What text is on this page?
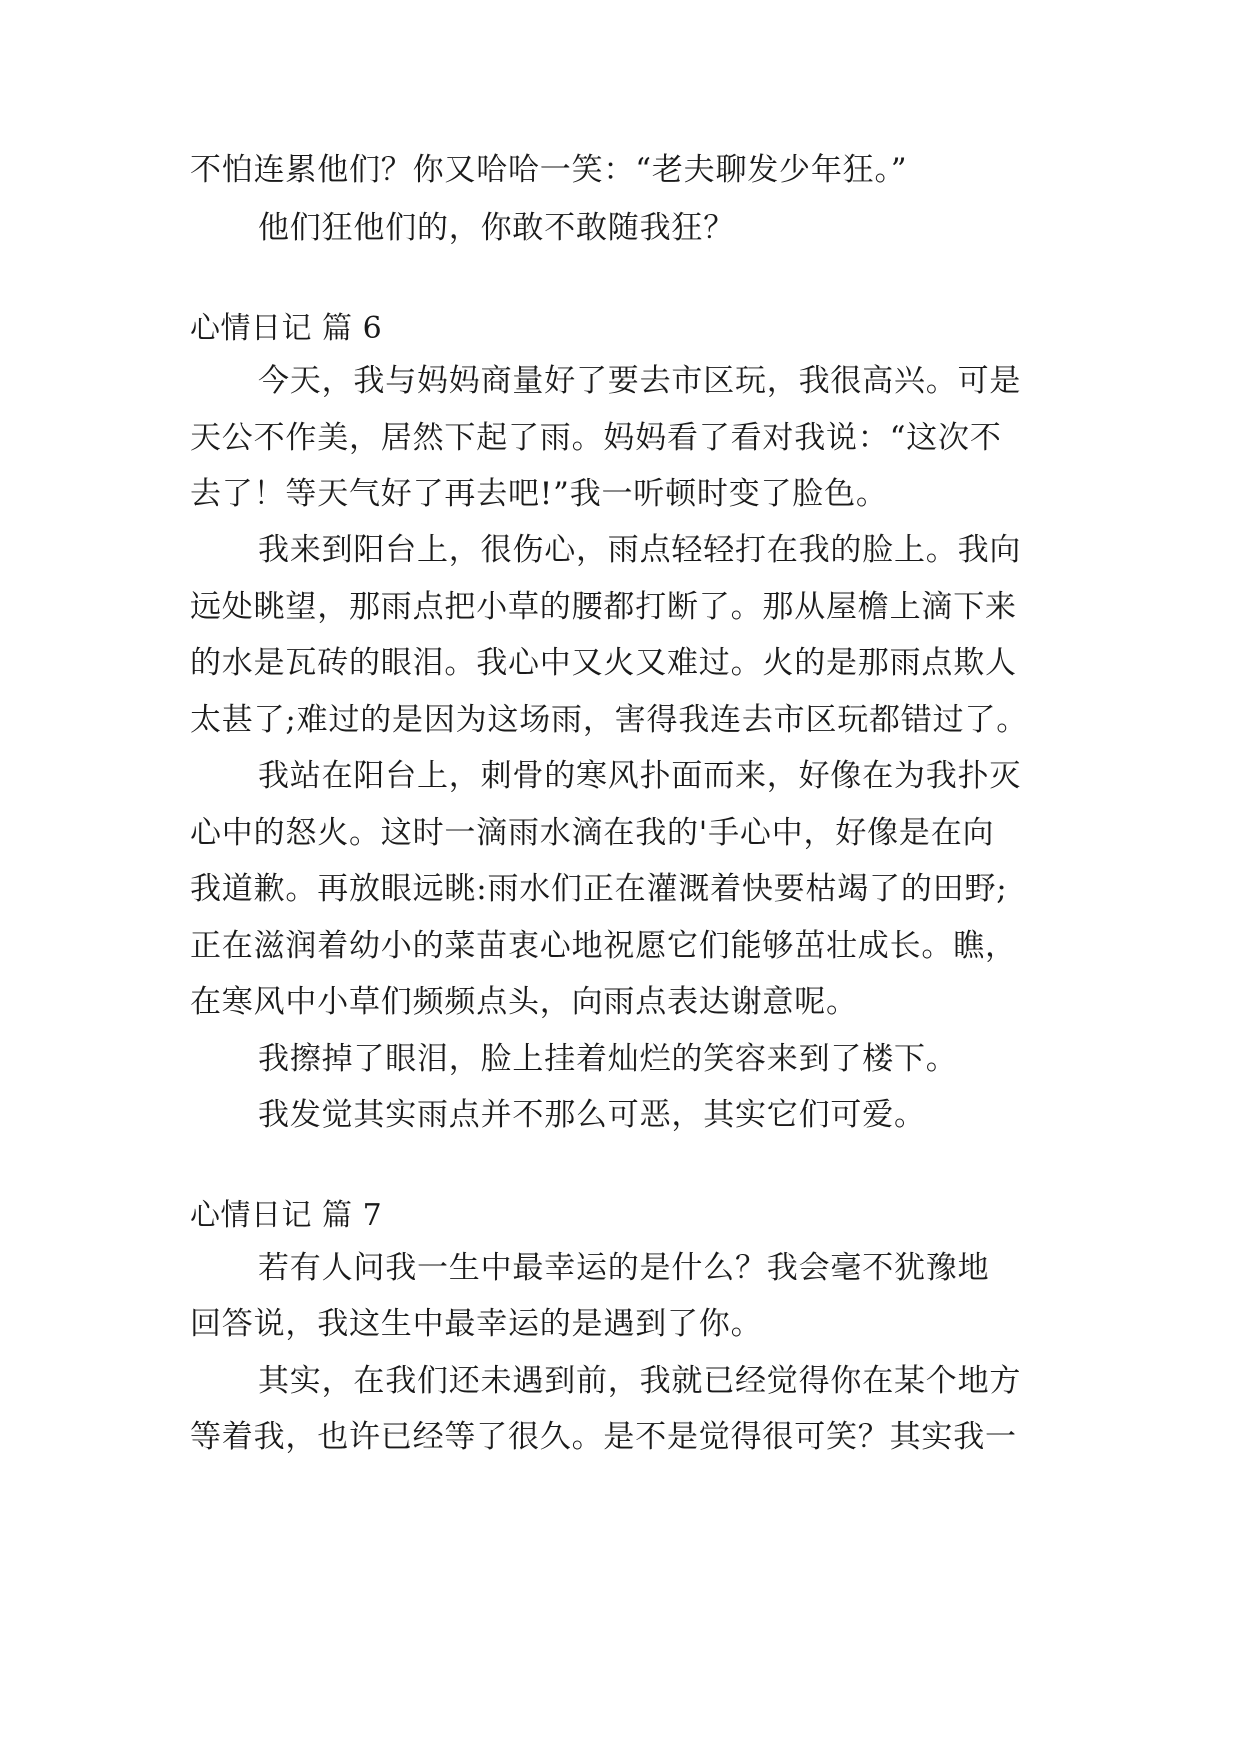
不怕连累他们？你又哈哈一笑：“老夫聊发少年狂。”
他们狂他们的，你敢不敢随我狂？
心情日记 篇 6
今天，我与妈妈商量好了要去市区玩，我很高兴。可是
天公不作美，居然下起了雨。妈妈看了看对我说：“这次不
去了！等天气好了再去吧!”我一听顿时变了脸色。
我来到阳台上，很伤心，雨点轻轻打在我的脸上。我向
远处眺望，那雨点把小草的腰都打断了。那从屋檐上滴下来
的水是瓦砖的眼泪。我心中又火又难过。火的是那雨点欺人
太甚了;难过的是因为这场雨，害得我连去市区玩都错过了。
我站在阳台上，刺骨的寒风扑面而来，好像在为我扑灭
心中的怒火。这时一滴雨水滴在我的'手心中，好像是在向
我道歉。再放眼远眺:雨水们正在灌溉着快要枯竭了的田野;
正在滋润着幼小的菜苗衷心地祝愿它们能够茁壮成长。瞧，
在寒风中小草们频频点头，向雨点表达谢意呢。
我擦掉了眼泪，脸上挂着灿烂的笑容来到了楼下。
我发觉其实雨点并不那么可恶，其实它们可爱。
心情日记 篇 7
若有人问我一生中最幸运的是什么？我会毫不犹豫地
回答说，我这生中最幸运的是遇到了你。
其实，在我们还未遇到前，我就已经觉得你在某个地方
等着我，也许已经等了很久。是不是觉得很可笑？其实我一
